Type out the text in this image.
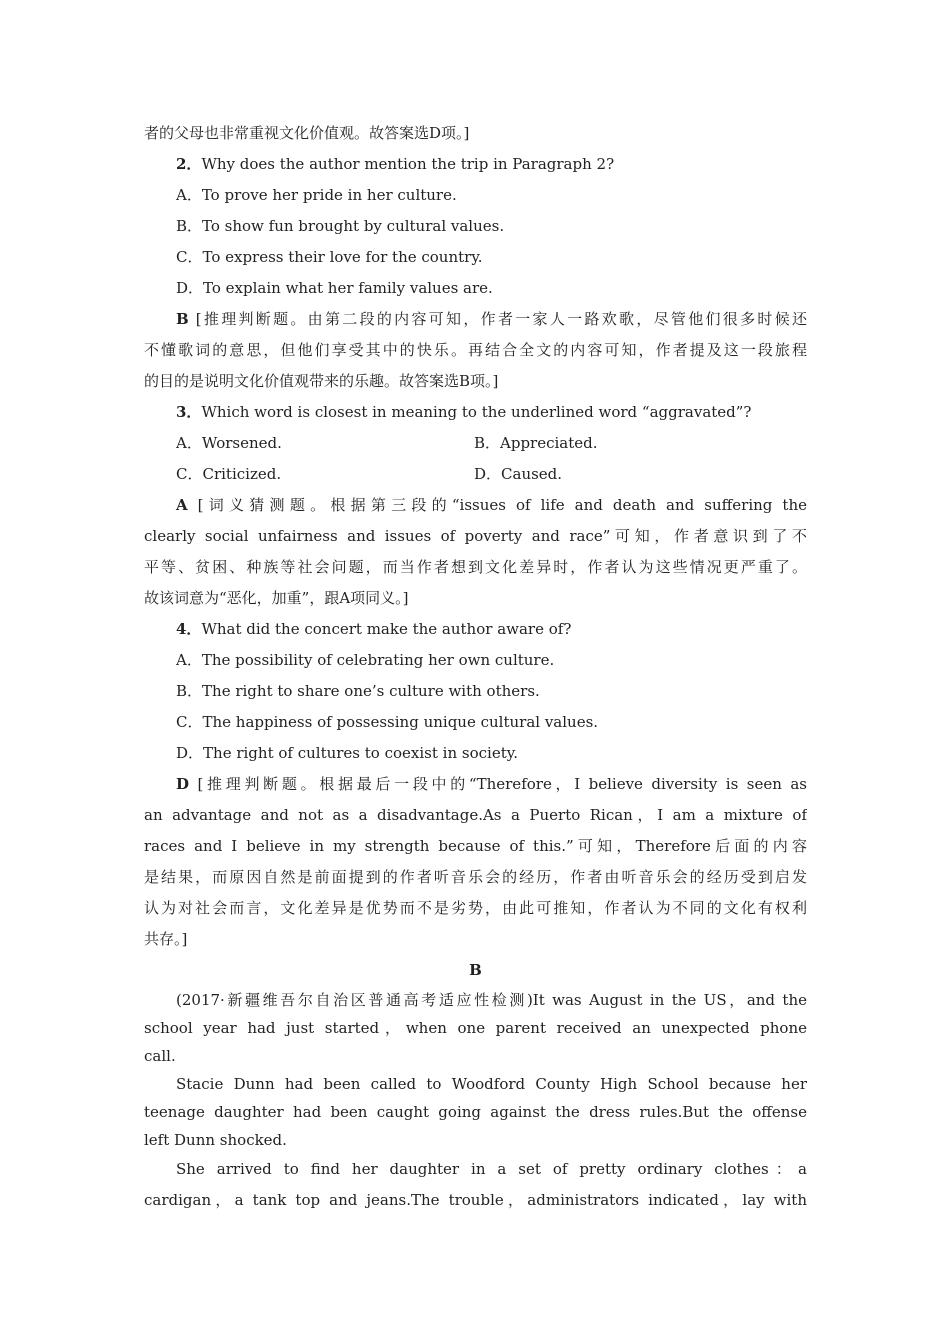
者的父母也非常重视文化价值观。故答案选D项。]
2．Why does the author mention the trip in Paragraph 2?
A．To prove her pride in her culture.
B．To show fun brought by cultural values.
C．To express their love for the country.
D．To explain what her family values are.
B [推理判断题。由第二段的内容可知，作者一家人一路欢歌，尽管他们很多时候还
不懂歌词的意思，但他们享受其中的快乐。再结合全文的内容可知，作者提及这一段旅程
的目的是说明文化价值观带来的乐趣。故答案选B项。]
3．Which word is closest in meaning to the underlined word “aggravated”?
A．Worsened.	B．Appreciated.
C．Criticized.	D．Caused.
A [词义猜测题。根据第三段的“issues of life and death and suffering the
clearly social unfairness and issues of poverty and race”可知，作者意识到了不
平等、贫困、种族等社会问题，而当作者想到文化差异时，作者认为这些情况更严重了。
故该词意为“恶化，加重”，跟A项同义。]
4．What did the concert make the author aware of?
A．The possibility of celebrating her own culture.
B．The right to share one’s culture with others.
C．The happiness of possessing unique cultural values.
D．The right of cultures to coexist in society.
D [推理判断题。根据最后一段中的“Therefore，I believe diversity is seen as
an advantage and not as a disadvantage.As a Puerto Rican，I am a mixture of
races and I believe in my strength because of this.”可知，Therefore后面的内容
是结果，而原因自然是前面提到的作者听音乐会的经历，作者由听音乐会的经历受到启发
认为对社会而言，文化差异是优势而不是劣势，由此可推知，作者认为不同的文化有权利
共存。]
B
(2017·新疆维吾尔自治区普通高考适应性检测)It was August in the US，and the
school year had just started，when one parent received an unexpected phone
call.
Stacie Dunn had been called to Woodford County High School because her
teenage daughter had been caught going against the dress rules.But the offense
left Dunn shocked.
She arrived to find her daughter in a set of pretty ordinary clothes：a
cardigan，a tank top and jeans.The trouble，administrators indicated，lay with
